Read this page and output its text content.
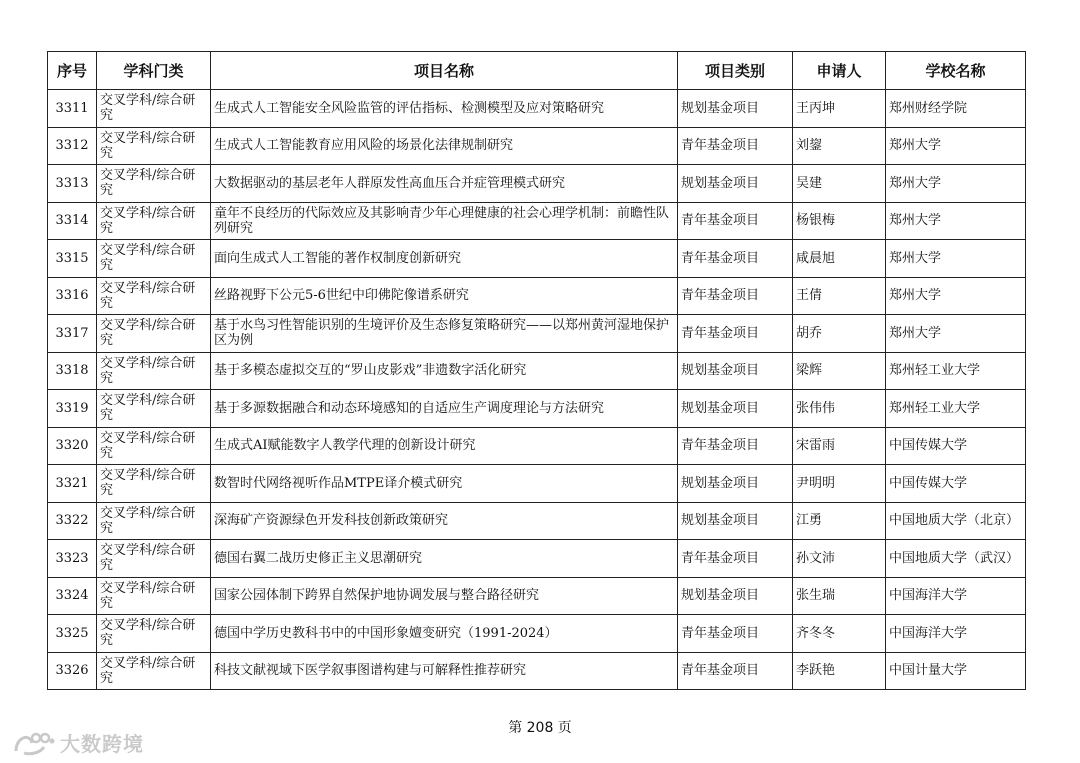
序号	学科门类	项目名称	项目类别	申请人	学校名称
3311	交叉学科/综合研究	生成式人工智能安全风险监管的评估指标、检测模型及应对策略研究	规划基金项目	王丙坤	郑州财经学院
3312	交叉学科/综合研究	生成式人工智能教育应用风险的场景化法律规制研究	青年基金项目	刘鋆	郑州大学
3313	交叉学科/综合研究	大数据驱动的基层老年人群原发性高血压合并症管理模式研究	规划基金项目	吴建	郑州大学
3314	交叉学科/综合研究	童年不良经历的代际效应及其影响青少年心理健康的社会心理学机制：前瞻性队列研究	青年基金项目	杨银梅	郑州大学
3315	交叉学科/综合研究	面向生成式人工智能的著作权制度创新研究	青年基金项目	咸晨旭	郑州大学
3316	交叉学科/综合研究	丝路视野下公元5-6世纪中印佛陀像谱系研究	青年基金项目	王倩	郑州大学
3317	交叉学科/综合研究	基于水鸟习性智能识别的生境评价及生态修复策略研究——以郑州黄河湿地保护区为例	青年基金项目	胡乔	郑州大学
3318	交叉学科/综合研究	基于多模态虚拟交互的“罗山皮影戏”非遗数字活化研究	规划基金项目	梁辉	郑州轻工业大学
3319	交叉学科/综合研究	基于多源数据融合和动态环境感知的自适应生产调度理论与方法研究	规划基金项目	张伟伟	郑州轻工业大学
3320	交叉学科/综合研究	生成式AI赋能数字人教学代理的创新设计研究	青年基金项目	宋雷雨	中国传媒大学
3321	交叉学科/综合研究	数智时代网络视听作品MTPE译介模式研究	规划基金项目	尹明明	中国传媒大学
3322	交叉学科/综合研究	深海矿产资源绿色开发科技创新政策研究	规划基金项目	江勇	中国地质大学（北京）
3323	交叉学科/综合研究	德国右翼二战历史修正主义思潮研究	青年基金项目	孙文沛	中国地质大学（武汉）
3324	交叉学科/综合研究	国家公园体制下跨界自然保护地协调发展与整合路径研究	规划基金项目	张生瑞	中国海洋大学
3325	交叉学科/综合研究	德国中学历史教科书中的中国形象嬗变研究（1991-2024）	青年基金项目	齐冬冬	中国海洋大学
3326	交叉学科/综合研究	科技文献视域下医学叙事图谱构建与可解释性推荐研究	青年基金项目	李跃艳	中国计量大学
第 208 页
大数跨境
